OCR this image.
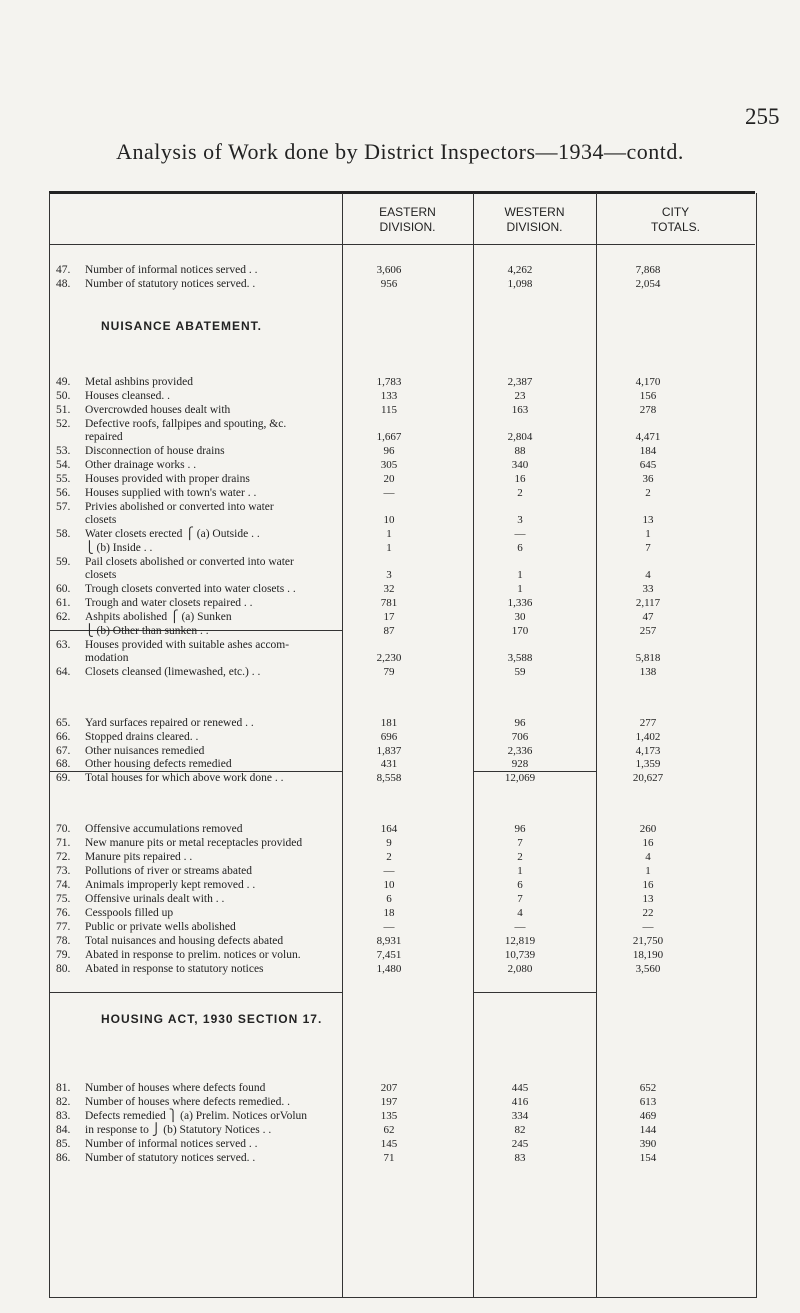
255
Analysis of Work done by District Inspectors—1934—contd.
EASTERN
DIVISION.
WESTERN
DIVISION.
CITY
TOTALS.
NUISANCE ABATEMENT.
HOUSING ACT, 1930 SECTION 17.
47. Number of informal notices served . .	3,606	4,262	7,868
48. Number of statutory notices served. .	956	1,098	2,054
49. Metal ashbins provided	1,783	2,387	4,170
50. Houses cleansed. .	133	23	156
51. Overcrowded houses dealt with	115	163	278
52. Defective roofs, fallpipes and spouting, &c.
repaired	1,667	2,804	4,471
53. Disconnection of house drains	96	88	184
54. Other drainage works . .	305	340	645
55. Houses provided with proper drains	20	16	36
56. Houses supplied with town's water . .	—	2	2
57. Privies abolished or converted into water
closets	10	3	13
58. Water closets erected ⎧ (a) Outside . .	1	—	1
⎩ (b) Inside . .	1	6	7
59. Pail closets abolished or converted into water
closets	3	1	4
60. Trough closets converted into water closets . .	32	1	33
61. Trough and water closets repaired . .	781	1,336	2,117
62. Ashpits abolished ⎧ (a) Sunken	17	30	47
⎩ (b) Other than sunken . .	87	170	257
63. Houses provided with suitable ashes accom-
modation	2,230	3,588	5,818
64. Closets cleansed (limewashed, etc.) . .	79	59	138
65. Yard surfaces repaired or renewed . .	181	96	277
66. Stopped drains cleared. .	696	706	1,402
67. Other nuisances remedied	1,837	2,336	4,173
68. Other housing defects remedied	431	928	1,359
69. Total houses for which above work done . .	8,558	12,069	20,627
70. Offensive accumulations removed	164	96	260
71. New manure pits or metal receptacles provided	9	7	16
72. Manure pits repaired . .	2	2	4
73. Pollutions of river or streams abated	—	1	1
74. Animals improperly kept removed . .	10	6	16
75. Offensive urinals dealt with . .	6	7	13
76. Cesspools filled up	18	4	22
77. Public or private wells abolished	—	—	—
78. Total nuisances and housing defects abated	8,931	12,819	21,750
79. Abated in response to prelim. notices or volun.	7,451	10,739	18,190
80. Abated in response to statutory notices	1,480	2,080	3,560
81. Number of houses where defects found	207	445	652
82. Number of houses where defects remedied. .	197	416	613
83. Defects remedied ⎫ (a) Prelim. Notices orVolun	135	334	469
84. in response to ⎭ (b) Statutory Notices . .	62	82	144
85. Number of informal notices served . .	145	245	390
86. Number of statutory notices served. .	71	83	154
